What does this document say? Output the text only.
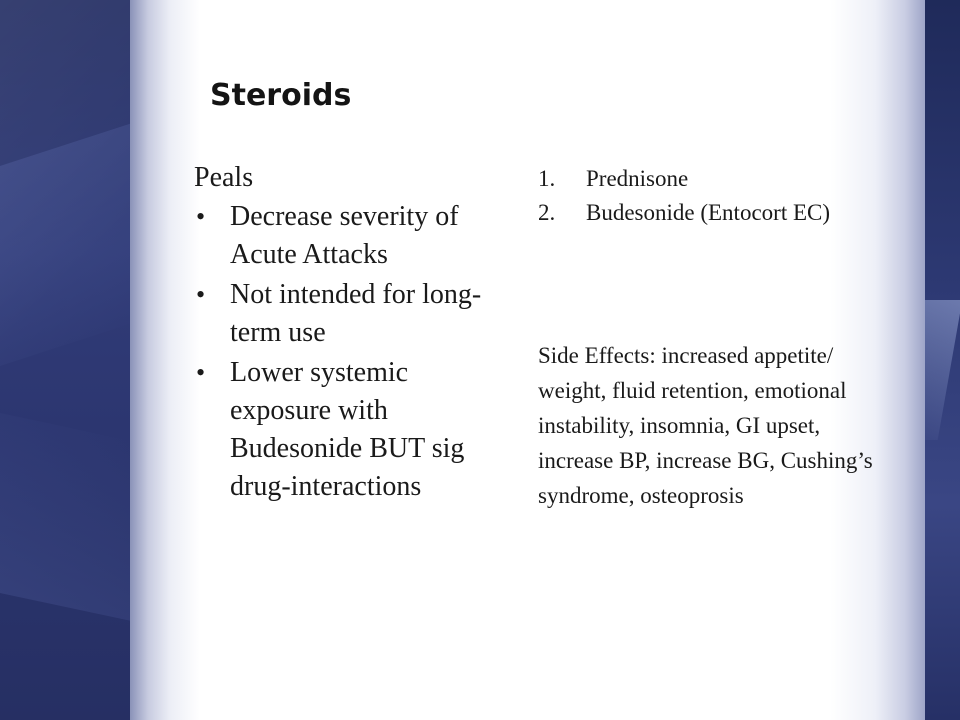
Steroids
Peals
• Decrease severity of Acute Attacks
• Not intended for long-term use
• Lower systemic exposure with Budesonide BUT sig drug-interactions
1. Prednisone
2. Budesonide (Entocort EC)

Side Effects: increased appetite/ weight, fluid retention, emotional instability, insomnia, GI upset, increase BP, increase BG, Cushing’s syndrome, osteoprosis
